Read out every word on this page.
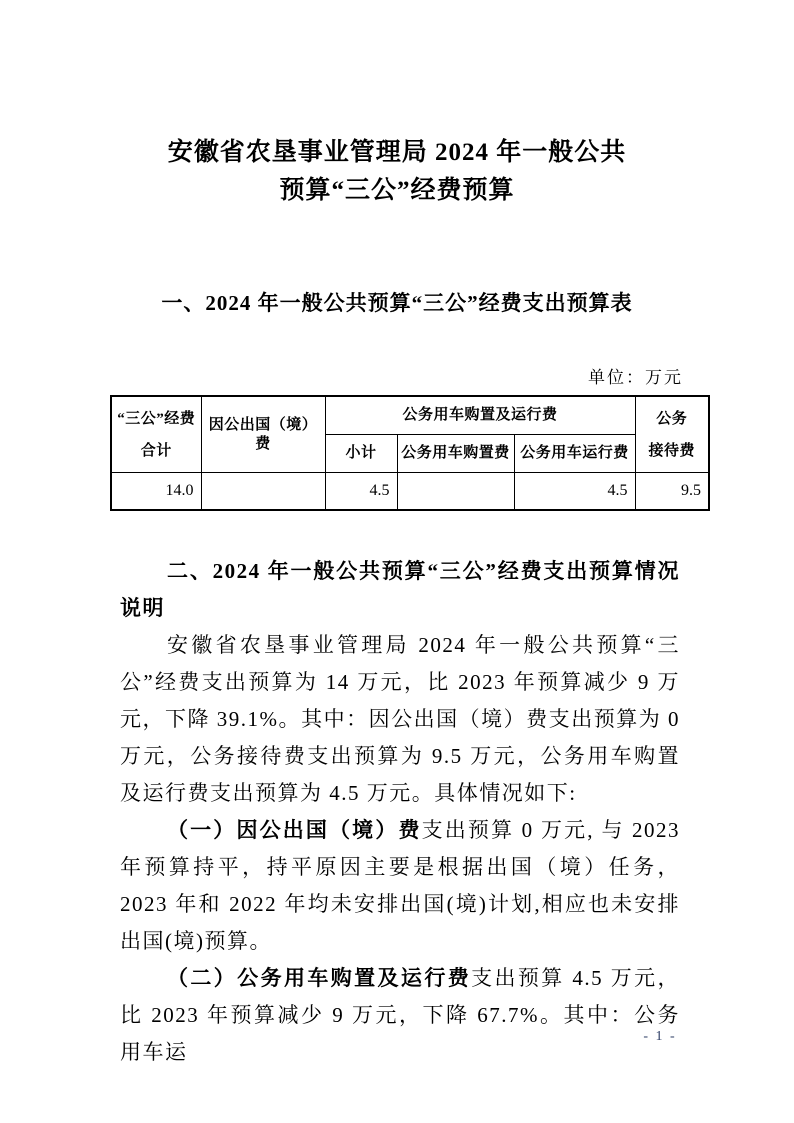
安徽省农垦事业管理局 2024 年一般公共
预算“三公”经费预算
一、2024 年一般公共预算“三公”经费支出预算表
单位：万元
“三公”经费
合计
	因公出国（境）费	公务用车购置及运行费	公务
接待费

		小计	公务用车购置费	公务用车运行费	
14.0		4.5		4.5	9.5

二、2024 年一般公共预算“三公”经费支出预算情况说明

安徽省农垦事业管理局 2024 年一般公共预算“三公”经费支出预算为 14 万元，比 2023 年预算减少 9 万元，下降 39.1%。其中：因公出国（境）费支出预算为 0 万元，公务接待费支出预算为 9.5 万元，公务用车购置及运行费支出预算为 4.5 万元。具体情况如下:

（一）因公出国（境）费支出预算 0 万元, 与 2023 年预算持平，持平原因主要是根据出国（境）任务，2023 年和 2022 年均未安排出国(境)计划,相应也未安排出国(境)预算。

（二）公务用车购置及运行费支出预算 4.5 万元，比 2023 年预算减少 9 万元，下降 67.7%。其中：公务用车运

- 1 -
